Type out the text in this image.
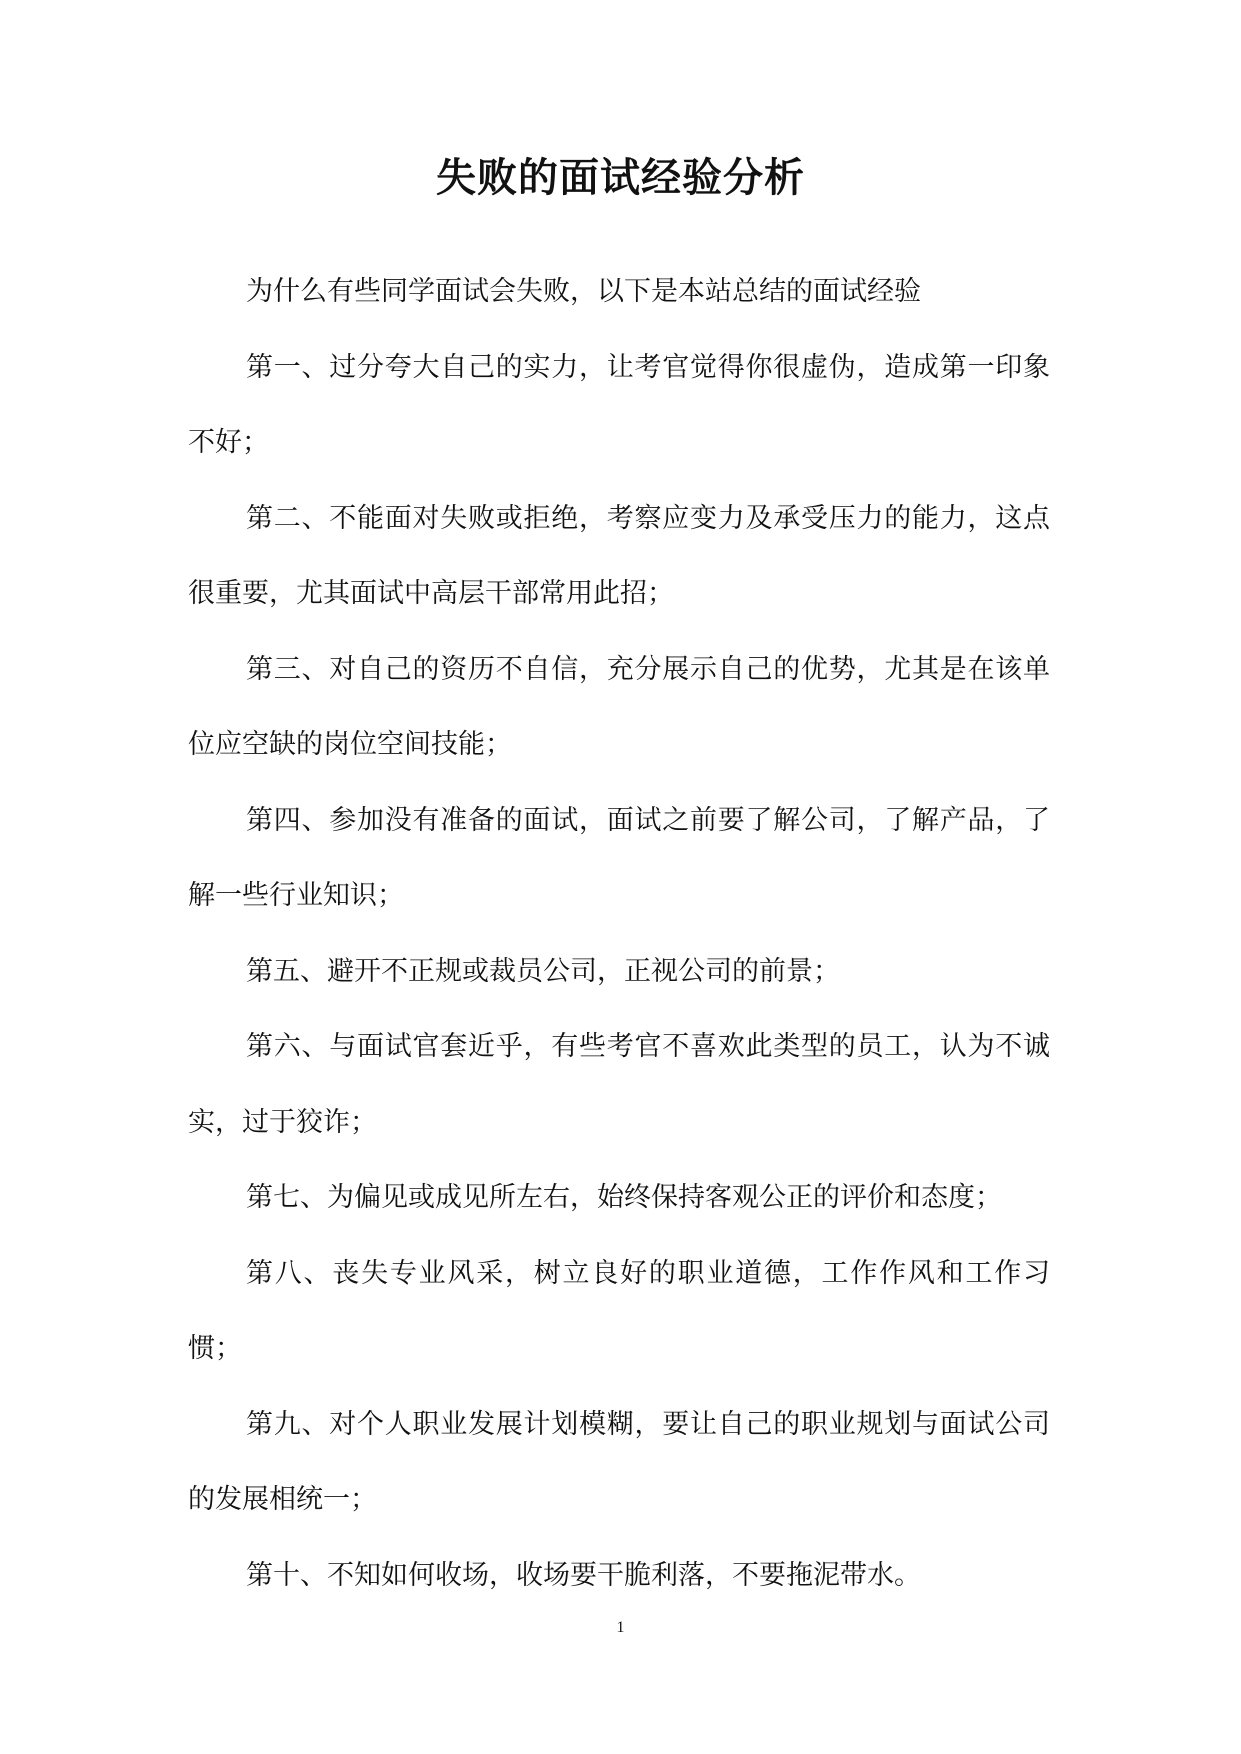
失败的面试经验分析

为什么有些同学面试会失败，以下是本站总结的面试经验

第一、过分夸大自己的实力，让考官觉得你很虚伪，造成第一印象不好；

第二、不能面对失败或拒绝，考察应变力及承受压力的能力，这点很重要，尤其面试中高层干部常用此招；

第三、对自己的资历不自信，充分展示自己的优势，尤其是在该单位应空缺的岗位空间技能；

第四、参加没有准备的面试，面试之前要了解公司，了解产品，了解一些行业知识；

第五、避开不正规或裁员公司，正视公司的前景；

第六、与面试官套近乎，有些考官不喜欢此类型的员工，认为不诚实，过于狡诈；

第七、为偏见或成见所左右，始终保持客观公正的评价和态度；

第八、丧失专业风采，树立良好的职业道德，工作作风和工作习惯；

第九、对个人职业发展计划模糊，要让自己的职业规划与面试公司的发展相统一；

第十、不知如何收场，收场要干脆利落，不要拖泥带水。

1
